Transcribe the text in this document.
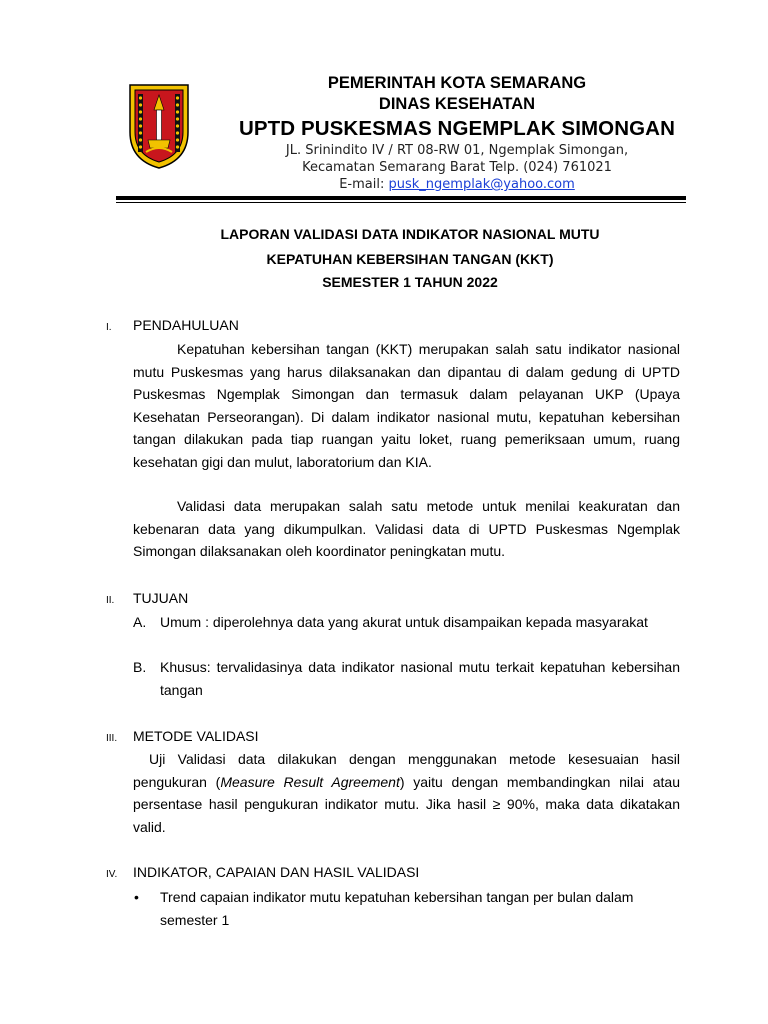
PEMERINTAH KOTA SEMARANG
DINAS KESEHATAN
UPTD PUSKESMAS NGEMPLAK SIMONGAN
JL. Srinindito IV / RT 08-RW 01, Ngemplak Simongan,
Kecamatan Semarang Barat Telp. (024) 761021
E-mail: pusk_ngemplak@yahoo.com
LAPORAN VALIDASI DATA INDIKATOR NASIONAL MUTU
KEPATUHAN KEBERSIHAN TANGAN (KKT)
SEMESTER 1 TAHUN 2022
I. PENDAHULUAN
Kepatuhan kebersihan tangan (KKT) merupakan salah satu indikator nasional mutu Puskesmas yang harus dilaksanakan dan dipantau di dalam gedung di UPTD Puskesmas Ngemplak Simongan dan termasuk dalam pelayanan UKP (Upaya Kesehatan Perseorangan). Di dalam indikator nasional mutu, kepatuhan kebersihan tangan dilakukan pada tiap ruangan yaitu loket, ruang pemeriksaan umum, ruang kesehatan gigi dan mulut, laboratorium dan KIA.
Validasi data merupakan salah satu metode untuk menilai keakuratan dan kebenaran data yang dikumpulkan. Validasi data di UPTD Puskesmas Ngemplak Simongan dilaksanakan oleh koordinator peningkatan mutu.
II. TUJUAN
A. Umum : diperolehnya data yang akurat untuk disampaikan kepada masyarakat
B. Khusus: tervalidasinya data indikator nasional mutu terkait kepatuhan kebersihan tangan
III. METODE VALIDASI
Uji Validasi data dilakukan dengan menggunakan metode kesesuaian hasil pengukuran (Measure Result Agreement) yaitu dengan membandingkan nilai atau persentase hasil pengukuran indikator mutu. Jika hasil ≥ 90%, maka data dikatakan valid.
IV. INDIKATOR, CAPAIAN DAN HASIL VALIDASI
• Trend capaian indikator mutu kepatuhan kebersihan tangan per bulan dalam semester 1
